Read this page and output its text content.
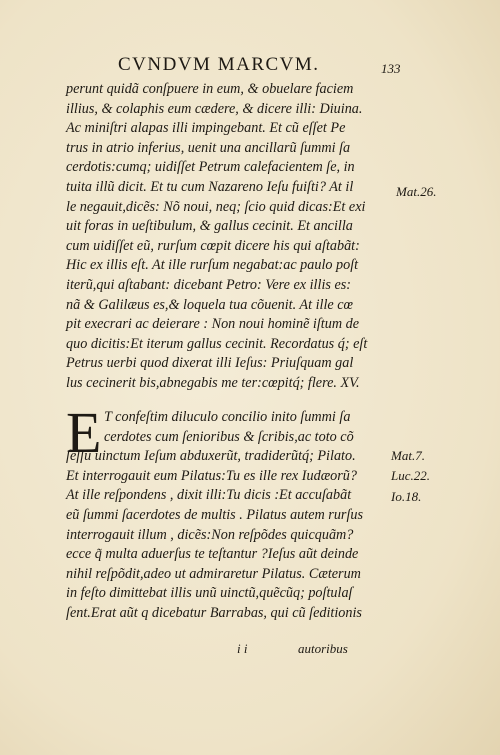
CVNDVM MARCVM.	133
perunt quidã conſpuere in eum, & obuelare faciem
illius, & colaphis eum cædere, & dicere illi: Diuina.
Ac miniſtri alapas illi impingebant. Et cũ eſſet Pe
trus in atrio inferius, uenit una ancillarũ ſummi ſa
cerdotis:cumq; uidiſſet Petrum calefacientem ſe, in
tuita illũ dicit. Et tu cum Nazareno Ieſu fuiſti? At il
le negauit,dicẽs: Nõ noui, neq; ſcio quid dicas:Et exi
uit foras in ueſtibulum, & gallus cecinit. Et ancilla
cum uidiſſet eũ, rurſum cœpit dicere his qui aſtabãt:
Hic ex illis eſt. At ille rurſum negabat:ac paulo poſt
iterũ,qui aſtabant: dicebant Petro: Vere ex illis es:
nã & Galilæus es,& loquela tua cõuenit. At ille cœ
pit execrari ac deierare : Non noui hominẽ iſtum de
quo dicitis:Et iterum gallus cecinit. Recordatus q́; eſt
Petrus uerbi quod dixerat illi Ieſus: Priuſquam gal
lus cecinerit bis,abnegabis me ter:cœpitq́; flere. XV.
E T confeſtim diluculo concilio inito ſummi ſa
cerdotes cum ſenioribus & ſcribis,ac toto cõ
ſeſſu uinctum Ieſum abduxerũt, tradiderũtq́; Pilato.
Et interrogauit eum Pilatus:Tu es ille rex Iudæorũ?
At ille reſpondens , dixit illi:Tu dicis :Et accuſabãt
eũ ſummi ſacerdotes de multis . Pilatus autem rurſus
interrogauit illum , dicẽs:Non reſpõdes quicquãm?
ecce q̃ multa aduerſus te teſtantur ?Ieſus aũt deinde
nihil reſpõdit,adeo ut admiraretur Pilatus. Cæterum
in feſto dimittebat illis unũ uinctũ,quẽcũq; poſtulaſ
ſent.Erat aũt q dicebatur Barrabas, qui cũ ſeditionis
Mat.26.
Mat.7.
Luc.22.
Io.18.
i i	autoribus
